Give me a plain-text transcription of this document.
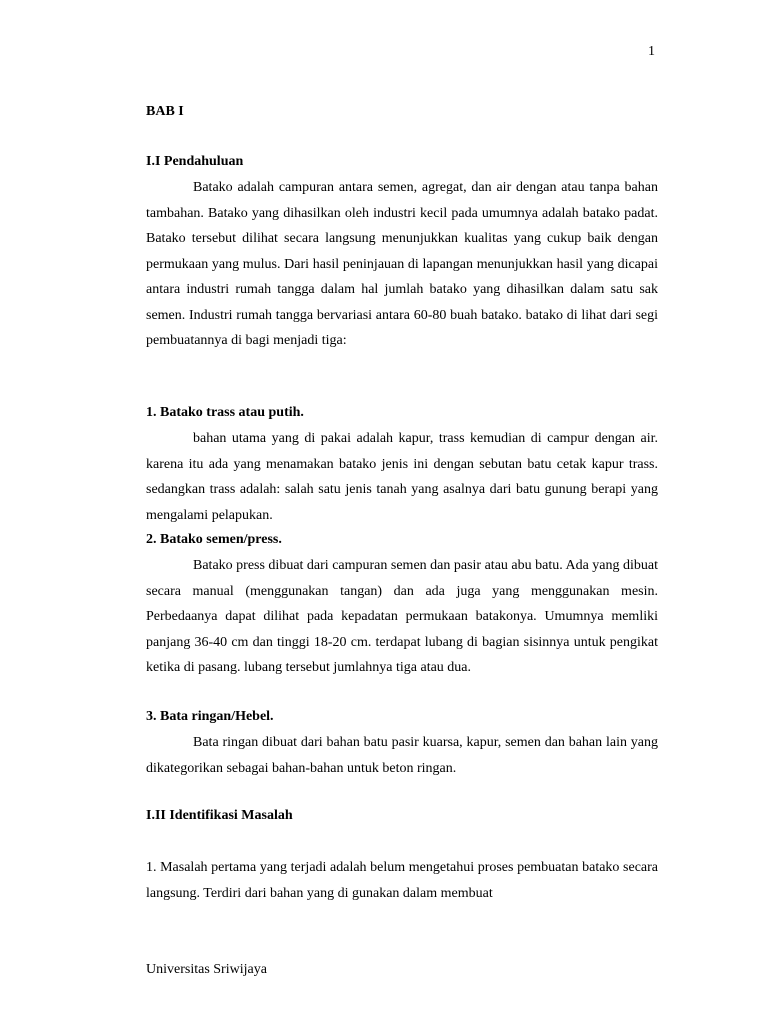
1
BAB I
I.I Pendahuluan
Batako adalah campuran antara semen, agregat, dan air dengan atau tanpa bahan tambahan. Batako yang dihasilkan oleh industri kecil pada umumnya adalah batako padat. Batako tersebut dilihat secara langsung menunjukkan kualitas yang cukup baik dengan permukaan yang mulus. Dari hasil peninjauan di lapangan menunjukkan hasil yang dicapai antara industri rumah tangga dalam hal jumlah batako yang dihasilkan dalam satu sak semen. Industri rumah tangga bervariasi antara 60-80 buah batako. batako di lihat dari segi pembuatannya di bagi menjadi tiga:
1. Batako trass atau putih.
bahan utama yang di pakai adalah kapur, trass kemudian di campur dengan air. karena itu ada yang menamakan batako jenis ini dengan sebutan batu cetak kapur trass. sedangkan trass adalah: salah satu jenis tanah yang asalnya dari batu gunung berapi yang mengalami pelapukan.
2. Batako semen/press.
Batako press dibuat dari campuran semen dan pasir atau abu batu. Ada yang dibuat secara manual (menggunakan tangan) dan ada juga yang menggunakan mesin. Perbedaanya dapat dilihat pada kepadatan permukaan batakonya. Umumnya memliki panjang 36-40 cm dan tinggi 18-20 cm. terdapat lubang di bagian sisinnya untuk pengikat ketika di pasang. lubang tersebut jumlahnya tiga atau dua.
3. Bata ringan/Hebel.
Bata ringan dibuat dari bahan batu pasir kuarsa, kapur, semen dan bahan lain yang dikategorikan sebagai bahan-bahan untuk beton ringan.
I.II Identifikasi Masalah
1. Masalah pertama yang terjadi adalah belum mengetahui proses pembuatan batako secara langsung. Terdiri dari bahan yang di gunakan dalam membuat
Universitas Sriwijaya
